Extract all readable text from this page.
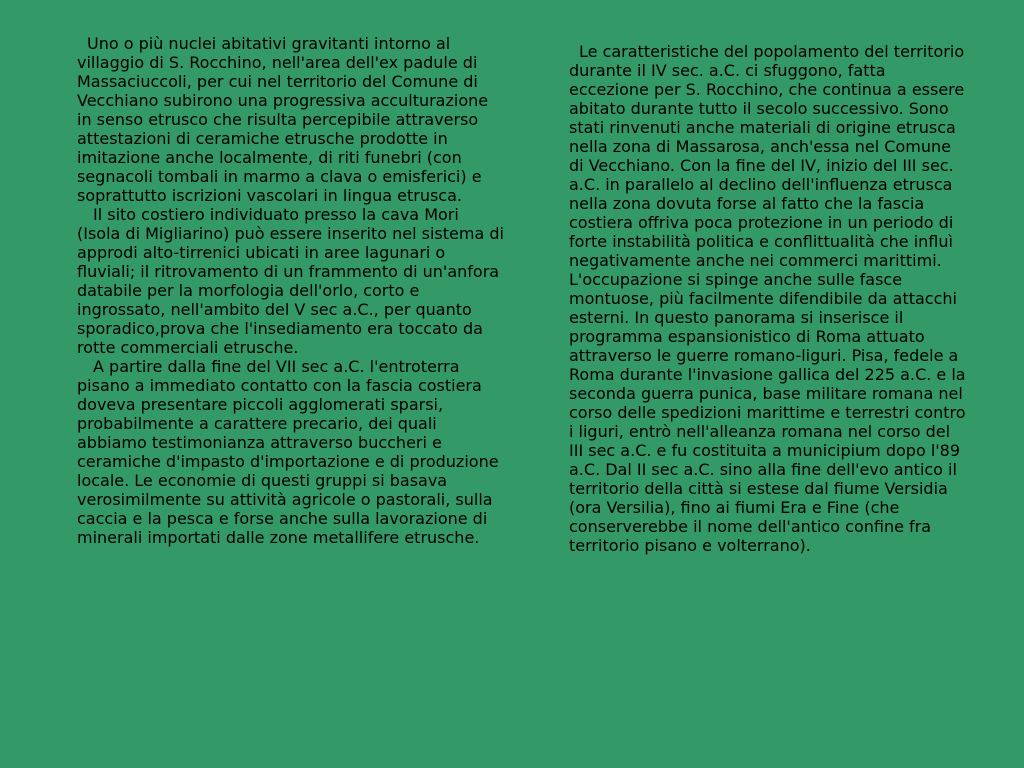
Uno o più nuclei abitativi gravitanti intorno al villaggio di S. Rocchino, nell'area dell'ex padule di Massaciuccoli, per cui nel territorio del Comune di Vecchiano subirono una progressiva acculturazione in senso etrusco che risulta percepibile attraverso attestazioni di ceramiche etrusche prodotte in imitazione anche localmente, di riti funebri (con segnacoli tombali in marmo a clava o emisferici) e soprattutto iscrizioni vascolari in lingua etrusca.

Il sito costiero individuato presso la cava Mori (Isola di Migliarino) può essere inserito nel sistema di approdi alto-tirrenici ubicati in aree lagunari o fluviali; il ritrovamento di un frammento di un'anfora databile per la morfologia dell'orlo, corto e ingrossato, nell'ambito del V sec a.C., per quanto sporadico,prova che l'insediamento era toccato da rotte commerciali etrusche.

A partire dalla fine del VII sec a.C. l'entroterra pisano a immediato contatto con la fascia costiera doveva presentare piccoli agglomerati sparsi, probabilmente a carattere precario, dei quali abbiamo testimonianza attraverso buccheri e ceramiche d'impasto d'importazione e di produzione locale. Le economie di questi gruppi si basava verosimilmente su attività agricole o pastorali, sulla caccia e la pesca e forse anche sulla lavorazione di minerali importati dalle zone metallifere etrusche.

Le caratteristiche del popolamento del territorio durante il IV sec. a.C. ci sfuggono, fatta eccezione per S. Rocchino, che continua a essere abitato durante tutto il secolo successivo. Sono stati rinvenuti anche materiali di origine etrusca nella zona di Massarosa, anch'essa nel Comune di Vecchiano. Con la fine del IV, inizio del III sec. a.C. in parallelo al declino dell'influenza etrusca nella zona dovuta forse al fatto che la fascia costiera offriva poca protezione in un periodo di forte instabilità politica e conflittualità che influì negativamente anche nei commerci marittimi. L'occupazione si spinge anche sulle fasce montuose, più facilmente difendibile da attacchi esterni. In questo panorama si inserisce il programma espansionistico di Roma attuato attraverso le guerre romano-liguri. Pisa, fedele a Roma durante l'invasione gallica del 225 a.C. e la seconda guerra punica, base militare romana nel corso delle spedizioni marittime e terrestri contro i liguri, entrò nell'alleanza romana nel corso del III sec a.C. e fu costituita a municipium dopo l'89 a.C. Dal II sec a.C. sino alla fine dell'evo antico il territorio della città si estese dal fiume Versidia (ora Versilia), fino ai fiumi Era e Fine (che conserverebbe il nome dell'antico confine fra territorio pisano e volterrano).
